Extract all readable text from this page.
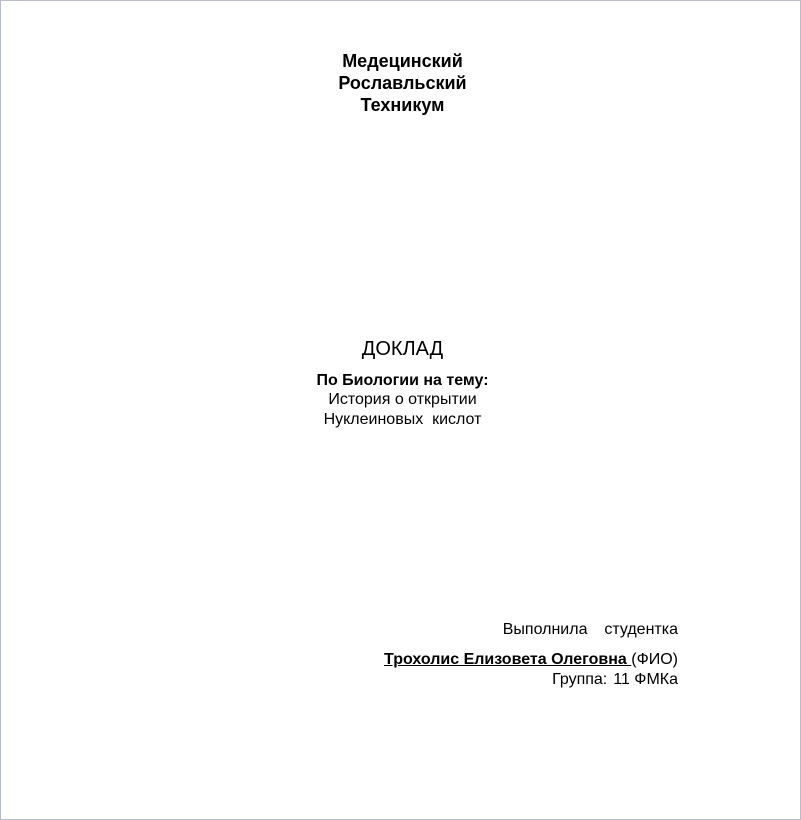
Медецинский
Рославльский
Техникум
ДОКЛАД
По Биологии на тему:
История о открытии
Нуклеиновых  кислот
Выполнила  студентка
Трохолис Елизовета Олеговна (ФИО)
Группа: 11 ФМКа
